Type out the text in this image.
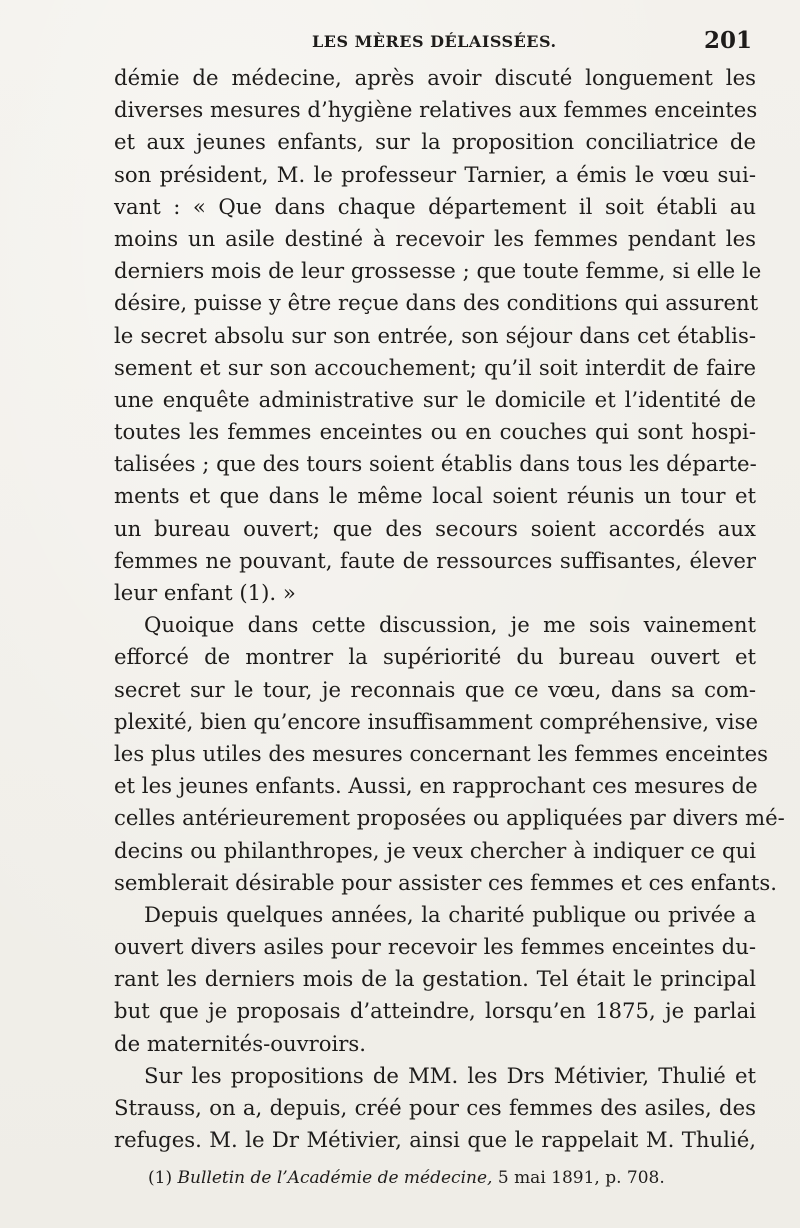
LES MÈRES DÉLAISSÉES.	201
démie de médecine, après avoir discuté longuement les
diverses mesures d’hygiène relatives aux femmes enceintes
et aux jeunes enfants, sur la proposition conciliatrice de
son président, M. le professeur Tarnier, a émis le vœu sui-
vant : « Que dans chaque département il soit établi au
moins un asile destiné à recevoir les femmes pendant les
derniers mois de leur grossesse ; que toute femme, si elle le
désire, puisse y être reçue dans des conditions qui assurent
le secret absolu sur son entrée, son séjour dans cet établis-
sement et sur son accouchement; qu’il soit interdit de faire
une enquête administrative sur le domicile et l’identité de
toutes les femmes enceintes ou en couches qui sont hospi-
talisées ; que des tours soient établis dans tous les départe-
ments et que dans le même local soient réunis un tour et
un bureau ouvert; que des secours soient accordés aux
femmes ne pouvant, faute de ressources suffisantes, élever
leur enfant (1). »
Quoique dans cette discussion, je me sois vainement
efforcé de montrer la supériorité du bureau ouvert et
secret sur le tour, je reconnais que ce vœu, dans sa com-
plexité, bien qu’encore insuffisamment compréhensive, vise
les plus utiles des mesures concernant les femmes enceintes
et les jeunes enfants. Aussi, en rapprochant ces mesures de
celles antérieurement proposées ou appliquées par divers mé-
decins ou philanthropes, je veux chercher à indiquer ce qui
semblerait désirable pour assister ces femmes et ces enfants.
Depuis quelques années, la charité publique ou privée a
ouvert divers asiles pour recevoir les femmes enceintes du-
rant les derniers mois de la gestation. Tel était le principal
but que je proposais d’atteindre, lorsqu’en 1875, je parlai
de maternités-ouvroirs.
Sur les propositions de MM. les Drs Métivier, Thulié et
Strauss, on a, depuis, créé pour ces femmes des asiles, des
refuges. M. le Dr Métivier, ainsi que le rappelait M. Thulié,
(1) Bulletin de l’Académie de médecine, 5 mai 1891, p. 708.
